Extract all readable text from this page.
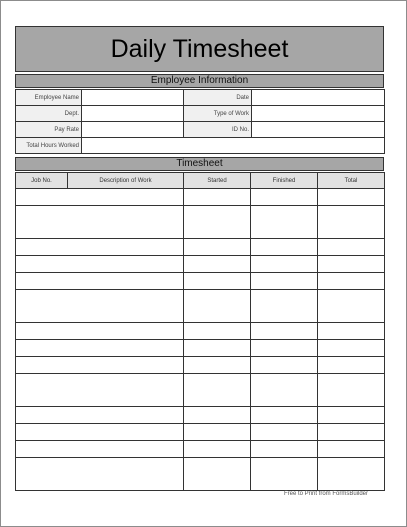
Daily Timesheet
Employee Information
Employee Name		Date	
Dept.		Type of Work	
Pay Rate		ID No.	
Total Hours Worked			
Timesheet
Job No.	Description of Work	Started	Finished	Total

Free to Print from FormsBuilder
